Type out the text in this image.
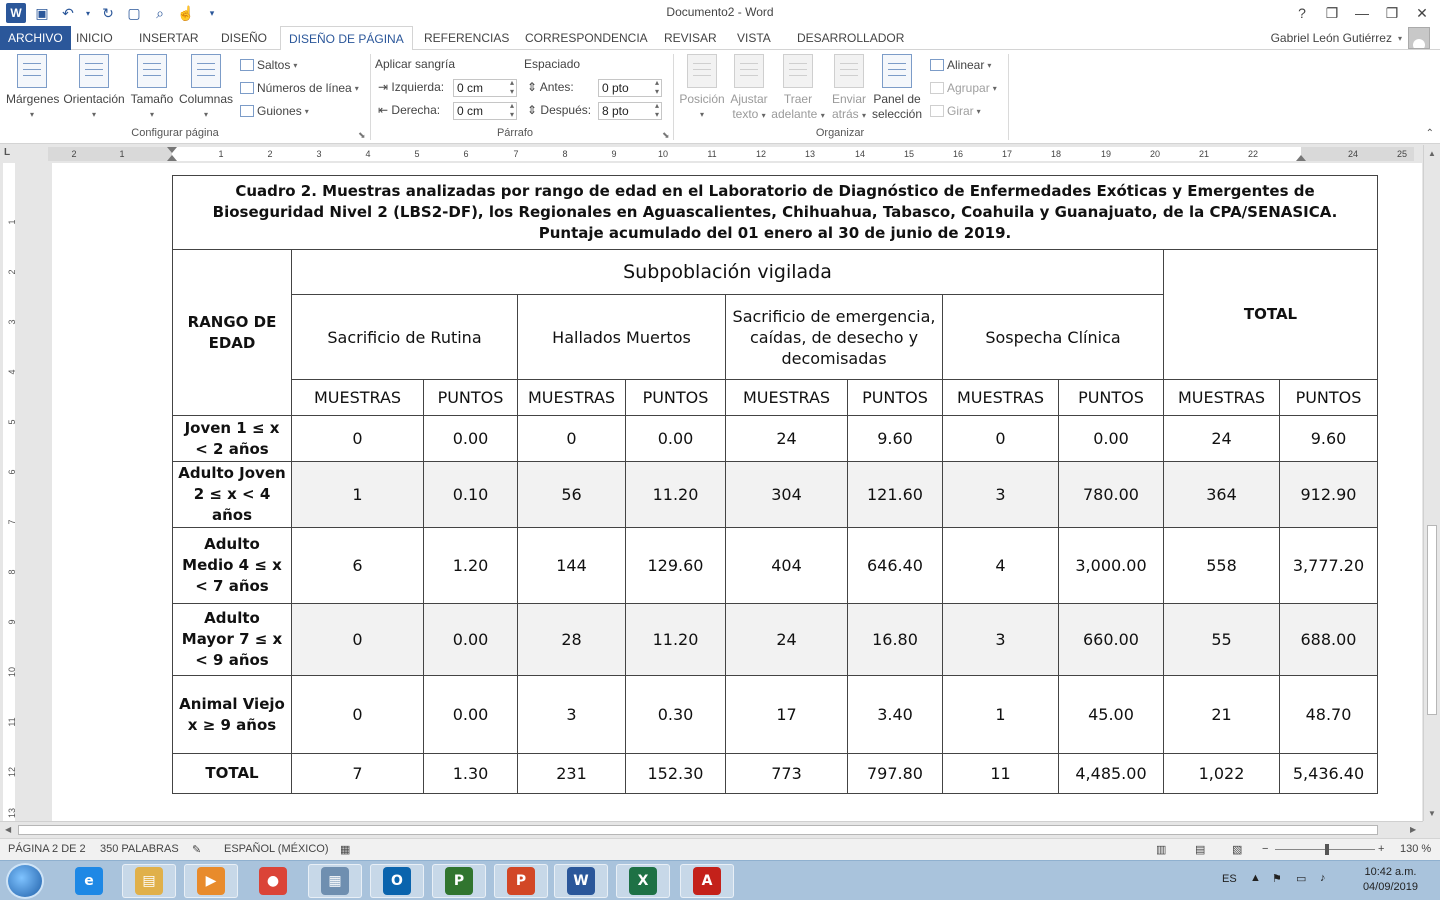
W ▣ ↶	▾ ↻ ▢	⌕ ☝	▾	Documento2 - Word	?	❐	—	❐	✕
ARCHIVO	INICIO	INSERTAR	DISEÑO	DISEÑO DE PÁGINA	REFERENCIAS	CORRESPONDENCIA	REVISAR	VISTA	DESARROLLADOR	Gabriel León Gutiérrez ▾
Márgenes
▾
Orientación
▾
Tamaño
▾
Columnas
▾
Saltos ▾
Números de línea ▾
Guiones ▾
Configurar página	⬊
Aplicar sangría
⇥ Izquierda:	0 cm ▴ ▾
⇤ Derecha:	0 cm ▴ ▾
Espaciado
⇕ Antes:	0 pto ▴ ▾
⇕ Después: 8 pto ▴ ▾
Párrafo	⬊
Posición
▾
Ajustar
texto ▾
Traer
adelante ▾
Enviar
atrás ▾
Panel de
selección
Alinear ▾
Agrupar ▾
Girar ▾
Organizar	⌃
L	2	1	1	2	3	4	5	6	7	8	9	10	11	12	13	14	15	16	17	18	19	20	21	22	24	25
1
2
3
4
5
6
7
8
9
10
11
12
13
Cuadro 2. Muestras analizadas por rango de edad en el Laboratorio de Diagnóstico de Enfermedades Exóticas y Emergentes de Bioseguridad Nivel 2 (LBS2-DF), los Regionales en Aguascalientes, Chihuahua, Tabasco, Coahuila y Guanajuato, de la CPA/SENASICA. Puntaje acumulado del 01 enero al 30 de junio de 2019.										
RANGO DE EDAD	Subpoblación vigilada								TOTAL	
	Sacrificio de Rutina		Hallados Muertos		Sacrificio de emergencia, caídas, de desecho y decomisadas		Sospecha Clínica			
	MUESTRAS	PUNTOS	MUESTRAS	PUNTOS	MUESTRAS	PUNTOS	MUESTRAS	PUNTOS	MUESTRAS	PUNTOS
Joven 1 ≤ x < 2 años	0	0.00	0	0.00	24	9.60	0	0.00	24	9.60
Adulto Joven 2 ≤ x < 4 años	1	0.10	56	11.20	304	121.60	3	780.00	364	912.90
Adulto Medio 4 ≤ x < 7 años	6	1.20	144	129.60	404	646.40	4	3,000.00	558	3,777.20
Adulto Mayor 7 ≤ x < 9 años	0	0.00	28	11.20	24	16.80	3	660.00	55	688.00
Animal Viejo x ≥ 9 años	0	0.00	3	0.30	17	3.40	1	45.00	21	48.70
TOTAL	7	1.30	231	152.30	773	797.80	11	4,485.00	1,022	5,436.40
▲
▼
◀	▶
PÁGINA 2 DE 2 350 PALABRAS ✎ ESPAÑOL (MÉXICO) ▦	▥	▤ ▧ −	+ 130 %
e	▤	▶	●	▦	O	P	P	W	X	A	ES ▲ ⚑ ▭ ♪	10:42 a.m.
04/09/2019
